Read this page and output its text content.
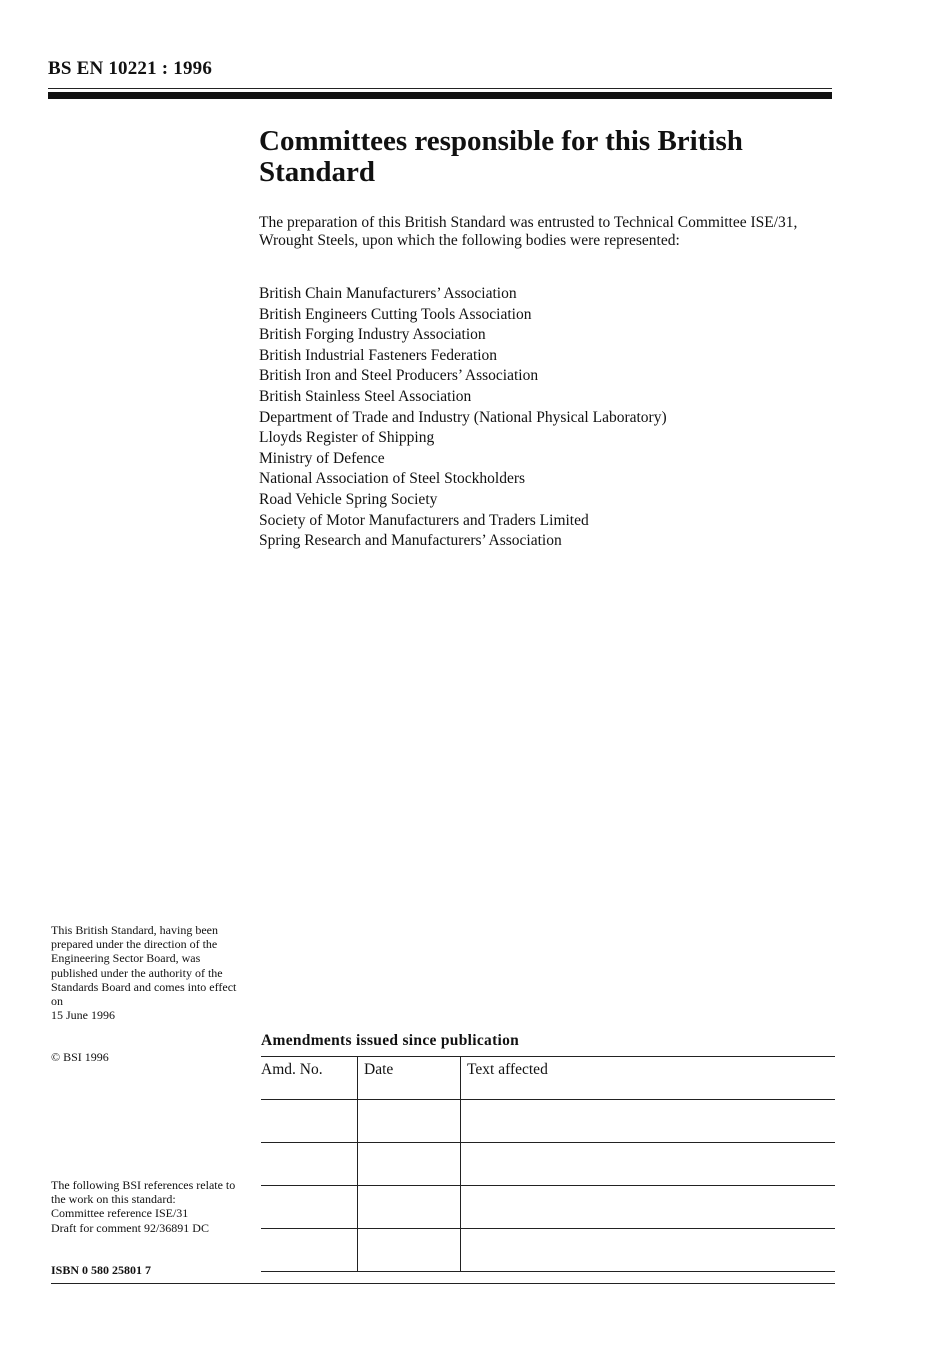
BS EN 10221 : 1996
Committees responsible for this British Standard

The preparation of this British Standard was entrusted to Technical Committee ISE/31, Wrought Steels, upon which the following bodies were represented:

British Chain Manufacturers’ Association
British Engineers Cutting Tools Association
British Forging Industry Association
British Industrial Fasteners Federation
British Iron and Steel Producers’ Association
British Stainless Steel Association
Department of Trade and Industry (National Physical Laboratory)
Lloyds Register of Shipping
Ministry of Defence
National Association of Steel Stockholders
Road Vehicle Spring Society
Society of Motor Manufacturers and Traders Limited
Spring Research and Manufacturers’ Association

This British Standard, having been prepared under the direction of the Engineering Sector Board, was published under the authority of the Standards Board and comes into effect on
15 June 1996

© BSI 1996

The following BSI references relate to the work on this standard:
Committee reference ISE/31
Draft for comment 92/36891 DC

ISBN 0 580 25801 7
Amendments issued since publication
Amd. No.	Date	Text affected
